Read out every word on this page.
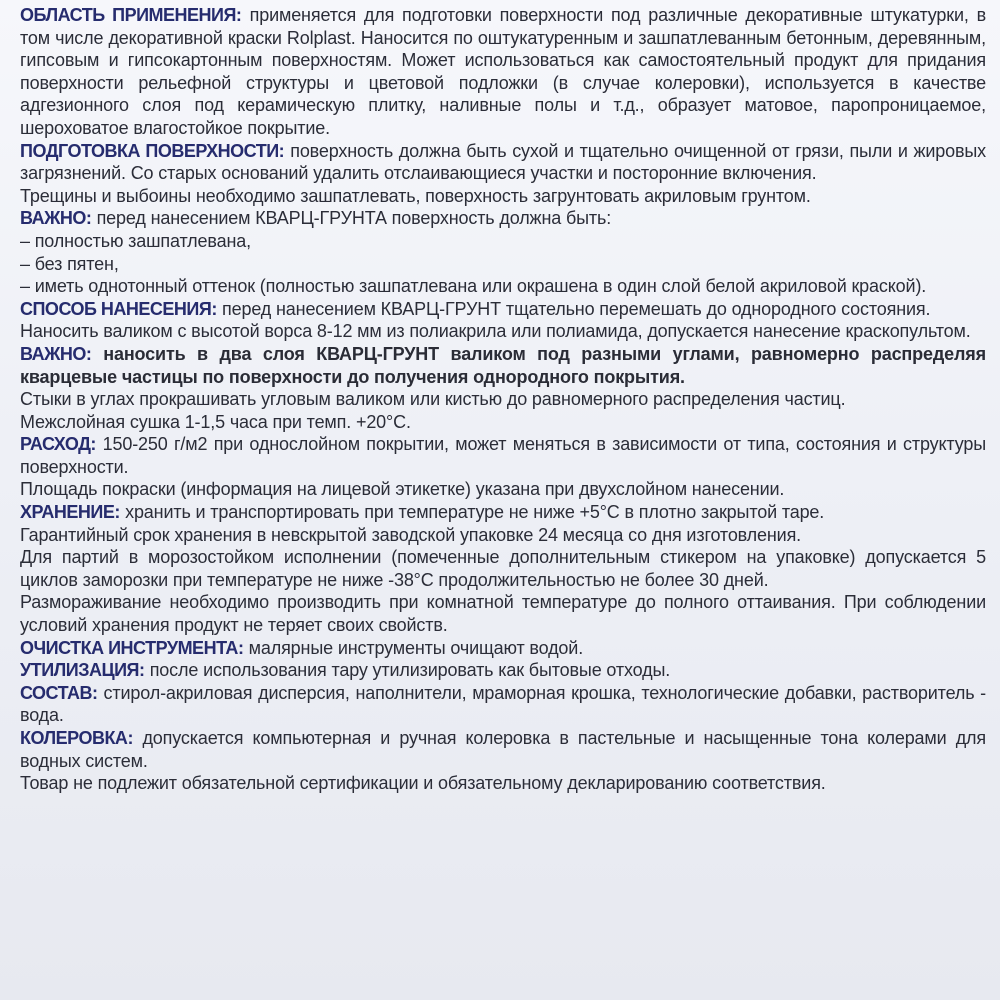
ОБЛАСТЬ ПРИМЕНЕНИЯ: применяется для подготовки поверхности под различные декоративные штукатурки, в том числе декоративной краски Rolplast. Наносится по оштукатуренным и зашпатлеванным бетонным, деревянным, гипсовым и гипсокартонным поверхностям. Может использоваться как самостоятельный продукт для придания поверхности рельефной структуры и цветовой подложки (в случае колеровки), используется в качестве адгезионного слоя под керамическую плитку, наливные полы и т.д., образует матовое, паропроницаемое, шероховатое влагостойкое покрытие.

ПОДГОТОВКА ПОВЕРХНОСТИ: поверхность должна быть сухой и тщательно очищенной от грязи, пыли и жировых загрязнений. Со старых оснований удалить отслаивающиеся участки и посторонние включения.

Трещины и выбоины необходимо зашпатлевать, поверхность загрунтовать акриловым грунтом.

ВАЖНО: перед нанесением КВАРЦ-ГРУНТА поверхность должна быть:

– полностью зашпатлевана,

– без пятен,

– иметь однотонный оттенок (полностью зашпатлевана или окрашена в один слой белой акриловой краской).

СПОСОБ НАНЕСЕНИЯ: перед нанесением КВАРЦ-ГРУНТ тщательно перемешать до однородного состояния.

Наносить валиком с высотой ворса 8-12 мм из полиакрила или полиамида, допускается нанесение краскопультом.

ВАЖНО: наносить в два слоя КВАРЦ-ГРУНТ валиком под разными углами, равномерно распределяя кварцевые частицы по поверхности до получения однородного покрытия.

Стыки в углах прокрашивать угловым валиком или кистью до равномерного распределения частиц.

Межслойная сушка 1-1,5 часа при темп. +20°С.

РАСХОД: 150-250 г/м2 при однослойном покрытии, может меняться в зависимости от типа, состояния и структуры поверхности.

Площадь покраски (информация на лицевой этикетке) указана при двухслойном нанесении.

ХРАНЕНИЕ: хранить и транспортировать при температуре не ниже +5°С в плотно закрытой таре.

Гарантийный срок хранения в невскрытой заводской упаковке 24 месяца со дня изготовления.

Для партий в морозостойком исполнении (помеченные дополнительным стикером на упаковке) допускается 5 циклов заморозки при температуре не ниже -38°С продолжительностью не более 30 дней.

Размораживание необходимо производить при комнатной температуре до полного оттаивания. При соблюдении условий хранения продукт не теряет своих свойств.

ОЧИСТКА ИНСТРУМЕНТА: малярные инструменты очищают водой.

УТИЛИЗАЦИЯ: после использования тару утилизировать как бытовые отходы.

СОСТАВ: стирол-акриловая дисперсия, наполнители, мраморная крошка, технологические добавки, растворитель - вода.

КОЛЕРОВКА: допускается компьютерная и ручная колеровка в пастельные и насыщенные тона колерами для водных систем.

Товар не подлежит обязательной сертификации и обязательному декларированию соответствия.
